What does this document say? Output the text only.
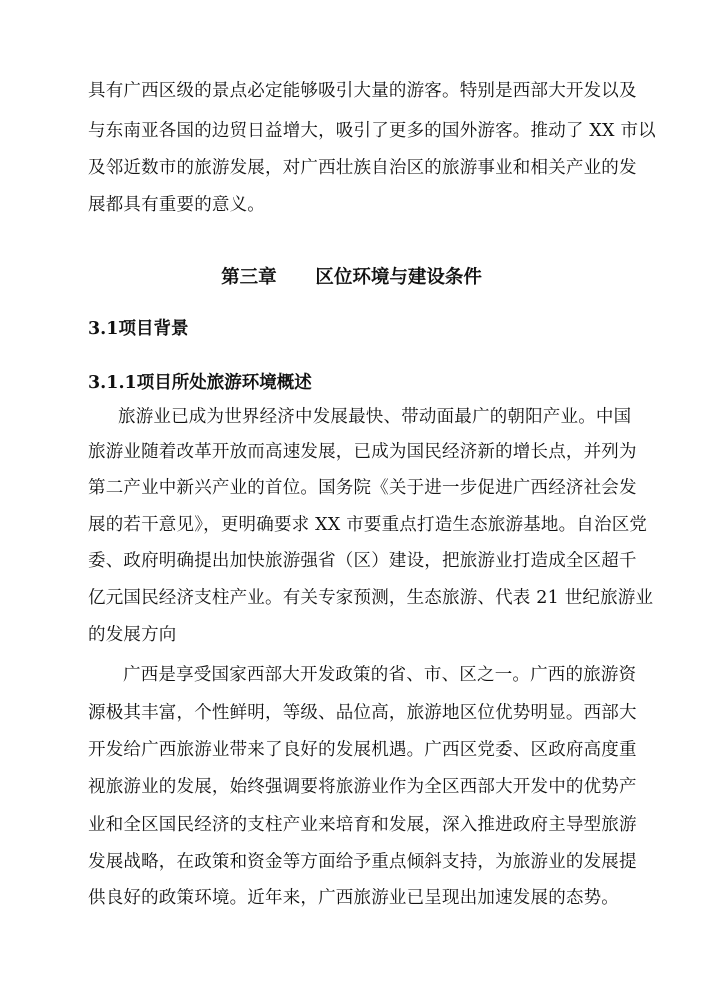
具有广西区级的景点必定能够吸引大量的游客。特别是西部大开发以及
与东南亚各国的边贸日益增大，吸引了更多的国外游客。推动了 XX 市以
及邻近数市的旅游发展，对广西壮族自治区的旅游事业和相关产业的发
展都具有重要的意义。
第三章      区位环境与建设条件
3.1项目背景
3.1.1项目所处旅游环境概述
旅游业已成为世界经济中发展最快、带动面最广的朝阳产业。中国
旅游业随着改革开放而高速发展，已成为国民经济新的增长点，并列为
第二产业中新兴产业的首位。国务院《关于进一步促进广西经济社会发
展的若干意见》，更明确要求 XX 市要重点打造生态旅游基地。自治区党
委、政府明确提出加快旅游强省（区）建设，把旅游业打造成全区超千
亿元国民经济支柱产业。有关专家预测，生态旅游、代表 21 世纪旅游业
的发展方向
广西是享受国家西部大开发政策的省、市、区之一。广西的旅游资
源极其丰富，个性鲜明，等级、品位高，旅游地区位优势明显。西部大
开发给广西旅游业带来了良好的发展机遇。广西区党委、区政府高度重
视旅游业的发展，始终强调要将旅游业作为全区西部大开发中的优势产
业和全区国民经济的支柱产业来培育和发展，深入推进政府主导型旅游
发展战略，在政策和资金等方面给予重点倾斜支持，为旅游业的发展提
供良好的政策环境。近年来，广西旅游业已呈现出加速发展的态势。
